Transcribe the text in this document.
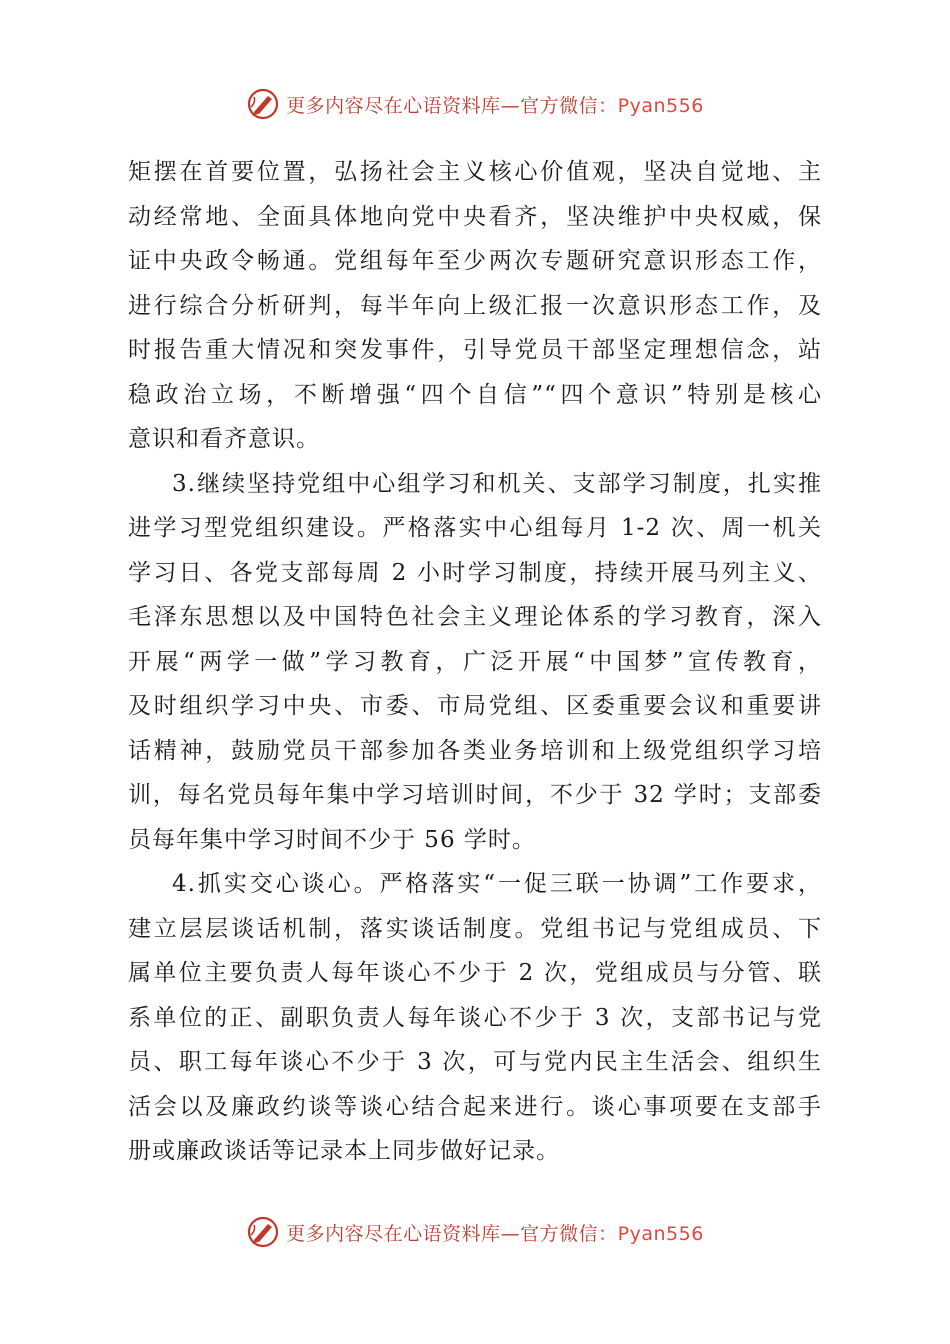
更多内容尽在心语资料库—官方微信：Pyan556
矩摆在首要位置，弘扬社会主义核心价值观，坚决自觉地、主
动经常地、全面具体地向党中央看齐，坚决维护中央权威，保
证中央政令畅通。党组每年至少两次专题研究意识形态工作，
进行综合分析研判，每半年向上级汇报一次意识形态工作，及
时报告重大情况和突发事件，引导党员干部坚定理想信念，站
稳政治立场，不断增强“四个自信”“四个意识”特别是核心
意识和看齐意识。
3.继续坚持党组中心组学习和机关、支部学习制度，扎实推
进学习型党组织建设。严格落实中心组每月 1-2 次、周一机关
学习日、各党支部每周 2 小时学习制度，持续开展马列主义、
毛泽东思想以及中国特色社会主义理论体系的学习教育，深入
开展“两学一做”学习教育，广泛开展“中国梦”宣传教育，
及时组织学习中央、市委、市局党组、区委重要会议和重要讲
话精神，鼓励党员干部参加各类业务培训和上级党组织学习培
训，每名党员每年集中学习培训时间，不少于 32 学时；支部委
员每年集中学习时间不少于 56 学时。
4.抓实交心谈心。严格落实“一促三联一协调”工作要求，
建立层层谈话机制，落实谈话制度。党组书记与党组成员、下
属单位主要负责人每年谈心不少于 2 次，党组成员与分管、联
系单位的正、副职负责人每年谈心不少于 3 次，支部书记与党
员、职工每年谈心不少于 3 次，可与党内民主生活会、组织生
活会以及廉政约谈等谈心结合起来进行。谈心事项要在支部手
册或廉政谈话等记录本上同步做好记录。
更多内容尽在心语资料库—官方微信：Pyan556
